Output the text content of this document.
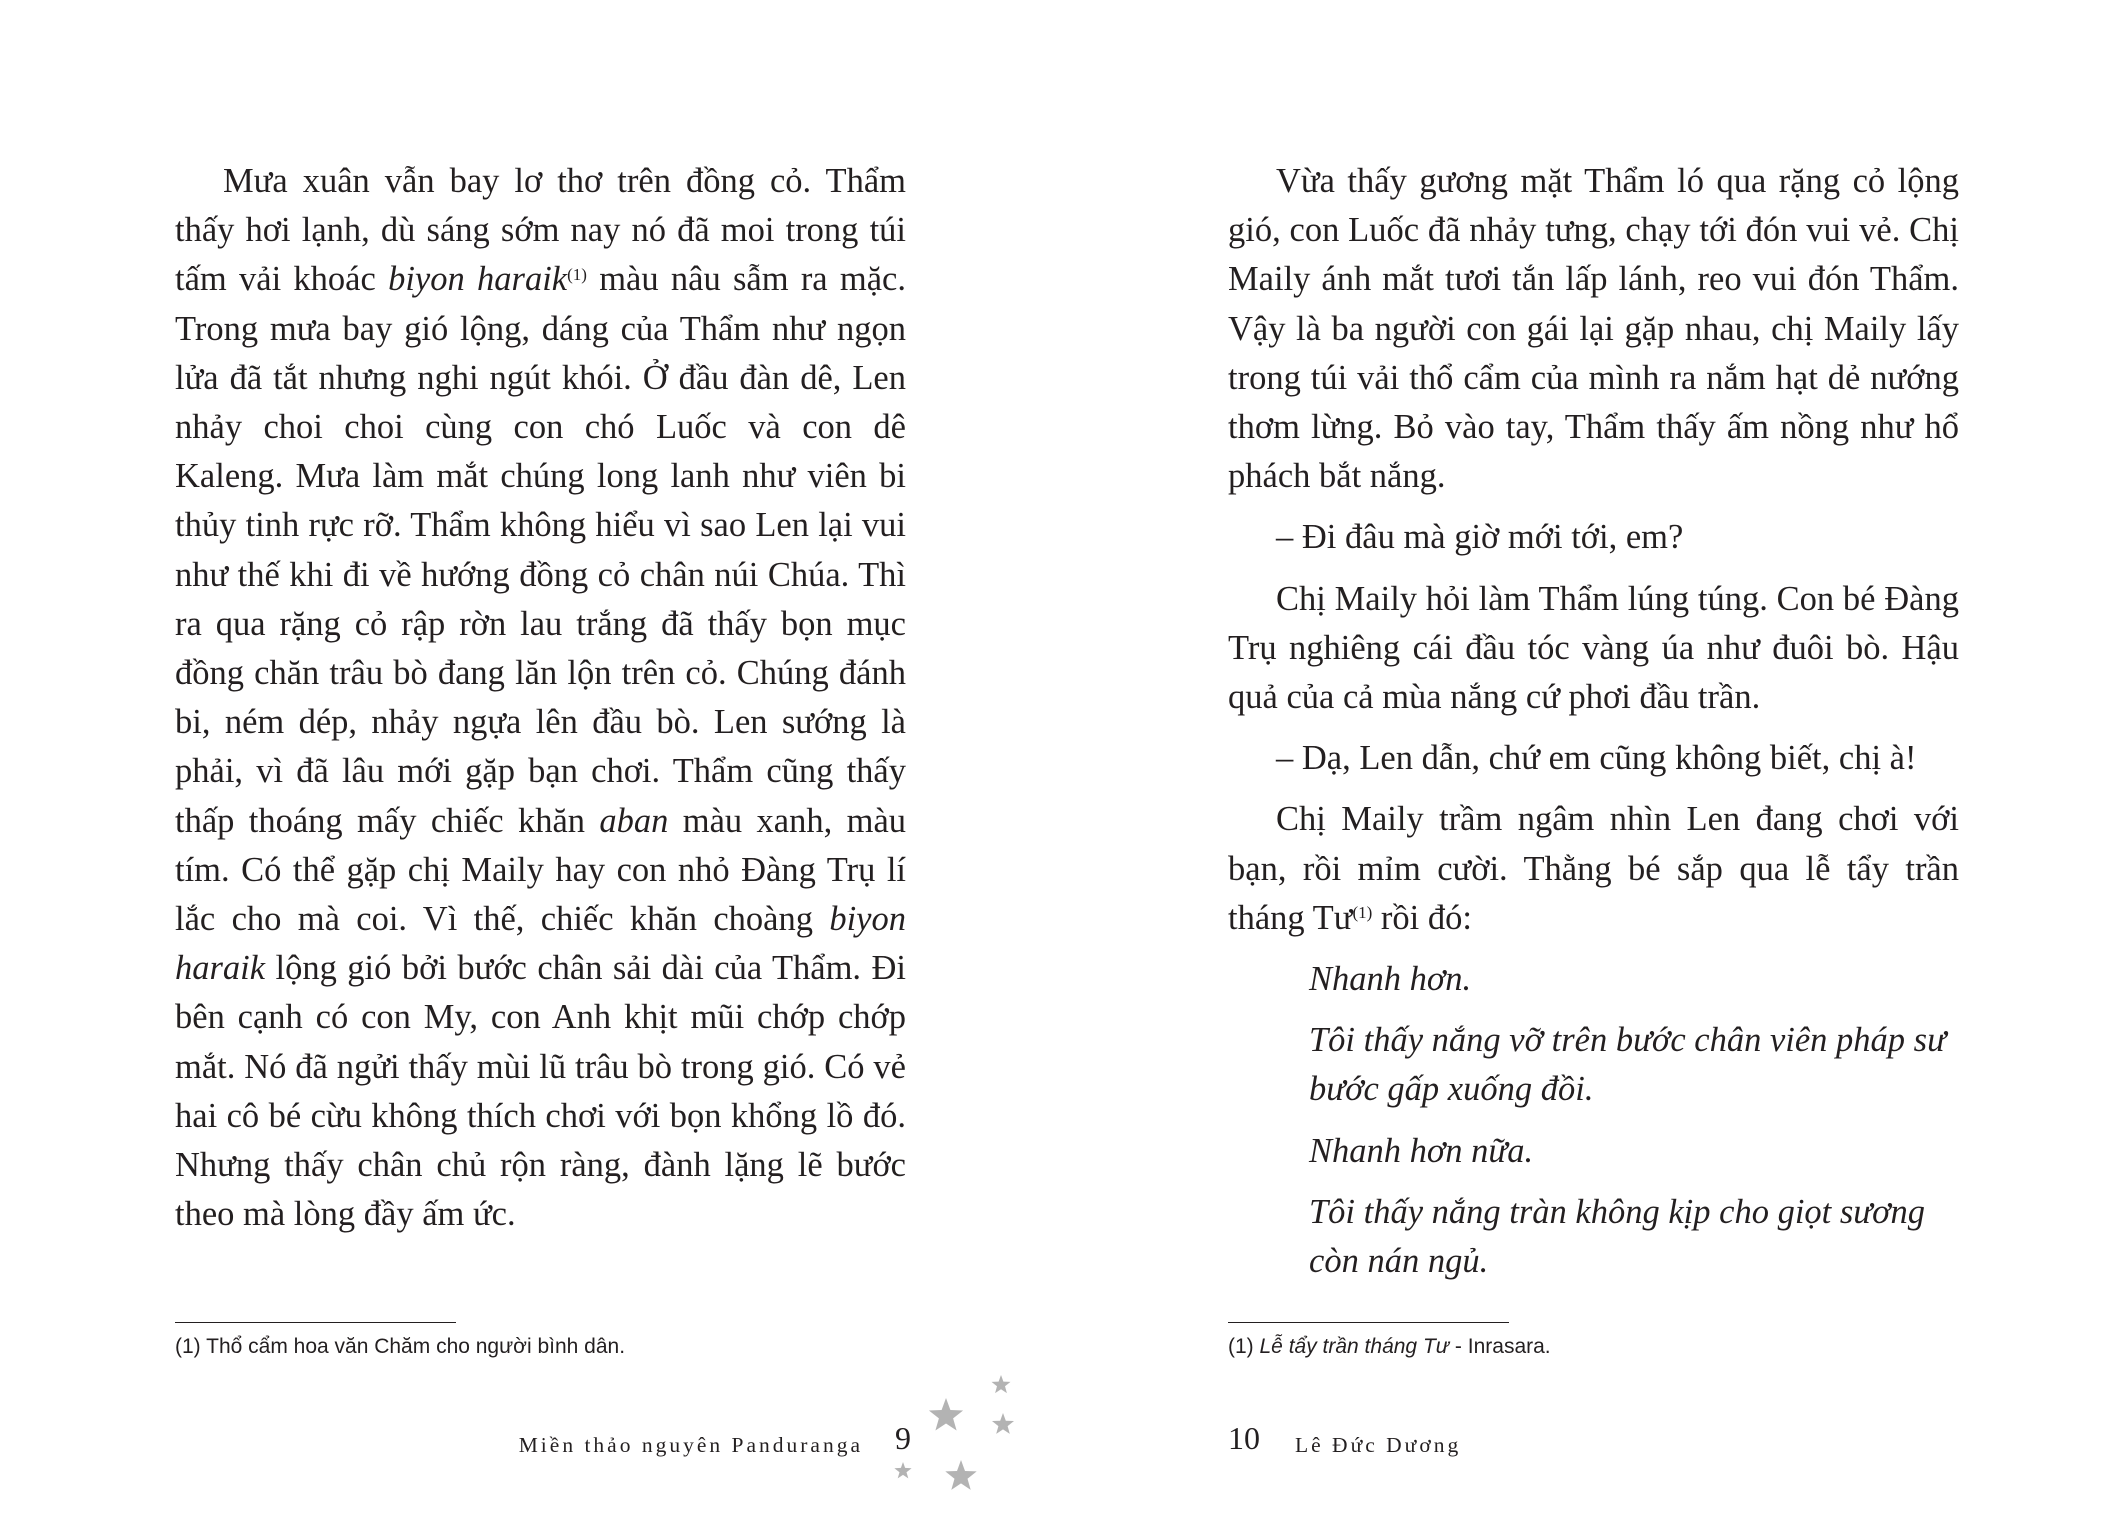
Mưa xuân vẫn bay lơ thơ trên đồng cỏ. Thẩm thấy hơi lạnh, dù sáng sớm nay nó đã moi trong túi tấm vải khoác biyon haraik$^{(1)}$ màu nâu sẫm ra mặc. Trong mưa bay gió lộng, dáng của Thẩm như ngọn lửa đã tắt nhưng nghi ngút khói. Ở đầu đàn dê, Len nhảy choi choi cùng con chó Luốc và con dê Kaleng. Mưa làm mắt chúng long lanh như viên bi thủy tinh rực rỡ. Thẩm không hiểu vì sao Len lại vui như thế khi đi về hướng đồng cỏ chân núi Chúa. Thì ra qua rặng cỏ rập rờn lau trắng đã thấy bọn mục đồng chăn trâu bò đang lăn lộn trên cỏ. Chúng đánh bi, ném dép, nhảy ngựa lên đầu bò. Len sướng là phải, vì đã lâu mới gặp bạn chơi. Thẩm cũng thấy thấp thoáng mấy chiếc khăn aban màu xanh, màu tím. Có thể gặp chị Maily hay con nhỏ Đàng Trụ lí lắc cho mà coi. Vì thế, chiếc khăn choàng biyon haraik lộng gió bởi bước chân sải dài của Thẩm. Đi bên cạnh có con My, con Anh khịt mũi chớp chớp mắt. Nó đã ngửi thấy mùi lũ trâu bò trong gió. Có vẻ hai cô bé cừu không thích chơi với bọn khổng lồ đó. Nhưng thấy chân chủ rộn ràng, đành lặng lẽ bước theo mà lòng đầy ấm ức.

(1) Thổ cẩm hoa văn Chăm cho người bình dân.
Miền thảo nguyên Panduranga 9

Vừa thấy gương mặt Thẩm ló qua rặng cỏ lộng gió, con Luốc đã nhảy tưng, chạy tới đón vui vẻ. Chị Maily ánh mắt tươi tắn lấp lánh, reo vui đón Thẩm. Vậy là ba người con gái lại gặp nhau, chị Maily lấy trong túi vải thổ cẩm của mình ra nắm hạt dẻ nướng thơm lừng. Bỏ vào tay, Thẩm thấy ấm nồng như hổ phách bắt nắng.

– Đi đâu mà giờ mới tới, em?

Chị Maily hỏi làm Thẩm lúng túng. Con bé Đàng Trụ nghiêng cái đầu tóc vàng úa như đuôi bò. Hậu quả của cả mùa nắng cứ phơi đầu trần.

– Dạ, Len dẫn, chứ em cũng không biết, chị à!

Chị Maily trầm ngâm nhìn Len đang chơi với bạn, rồi mỉm cười. Thằng bé sắp qua lễ tẩy trần tháng $Tư^{(1)}$ rồi đó:

Nhanh hơn.

Tôi thấy nắng vỡ trên bước chân viên pháp sư bước gấp xuống đồi.

Nhanh hơn nữa.

Tôi thấy nắng tràn không kịp cho giọt sương còn nán ngủ.

(1) Lễ tẩy trần tháng Tư - Inrasara.
10 Lê Đức Dương
